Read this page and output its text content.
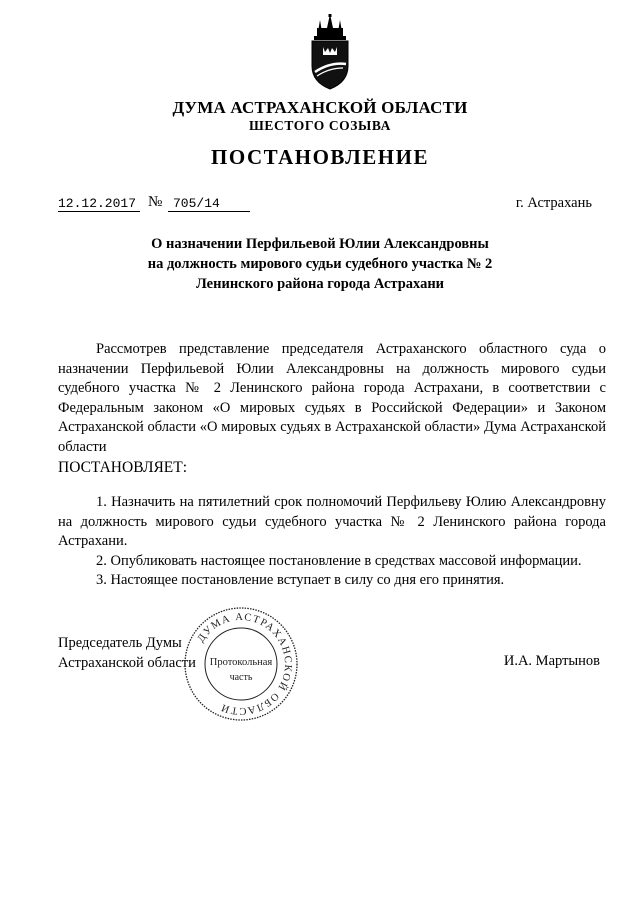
ДУМА АСТРАХАНСКОЙ ОБЛАСТИ
ШЕСТОГО СОЗЫВА
ПОСТАНОВЛЕНИЕ
12.12.2017 № 705/14	г. Астрахань
О назначении Перфильевой Юлии Александровны
на должность мирового судьи судебного участка № 2
Ленинского района города Астрахани
Рассмотрев представление председателя Астраханского областного суда о назначении Перфильевой Юлии Александровны на должность мирового судьи судебного участка № 2 Ленинского района города Астрахани, в соответствии с Федеральным законом «О мировых судьях в Российской Федерации» и Законом Астраханской области «О мировых судьях в Астраханской области» Дума Астраханской области
ПОСТАНОВЛЯЕТ:

1. Назначить на пятилетний срок полномочий Перфильеву Юлию Александровну на должность мирового судьи судебного участка № 2 Ленинского района города Астрахани.

2. Опубликовать настоящее постановление в средствах массовой информации.

3. Настоящее постановление вступает в силу со дня его принятия.

Председатель Думы
Астраханской области	И.А. Мартынов
ДУМА АСТРАХАНСКОЙ ОБЛАСТИ
Протокольная
часть
